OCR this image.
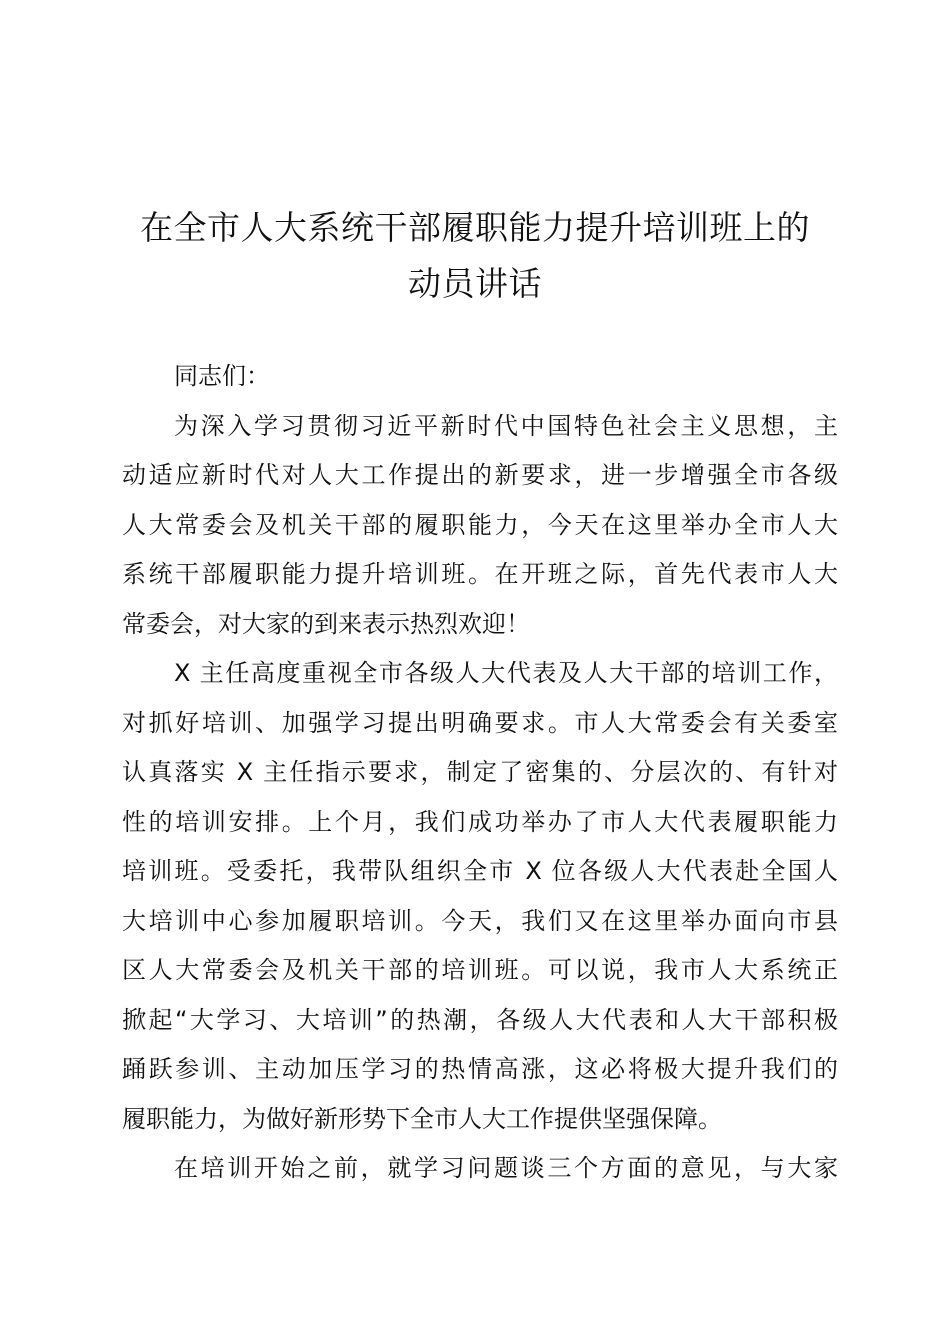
在全市人大系统干部履职能力提升培训班上的
动员讲话
同志们：
为深入学习贯彻习近平新时代中国特色社会主义思想，主
动适应新时代对人大工作提出的新要求，进一步增强全市各级
人大常委会及机关干部的履职能力，今天在这里举办全市人大
系统干部履职能力提升培训班。在开班之际，首先代表市人大
常委会，对大家的到来表示热烈欢迎！
X 主任高度重视全市各级人大代表及人大干部的培训工作，
对抓好培训、加强学习提出明确要求。市人大常委会有关委室
认真落实 X 主任指示要求，制定了密集的、分层次的、有针对
性的培训安排。上个月，我们成功举办了市人大代表履职能力
培训班。受委托，我带队组织全市 X 位各级人大代表赴全国人
大培训中心参加履职培训。今天，我们又在这里举办面向市县
区人大常委会及机关干部的培训班。可以说，我市人大系统正
掀起“大学习、大培训”的热潮，各级人大代表和人大干部积极
踊跃参训、主动加压学习的热情高涨，这必将极大提升我们的
履职能力，为做好新形势下全市人大工作提供坚强保障。
在培训开始之前，就学习问题谈三个方面的意见，与大家
